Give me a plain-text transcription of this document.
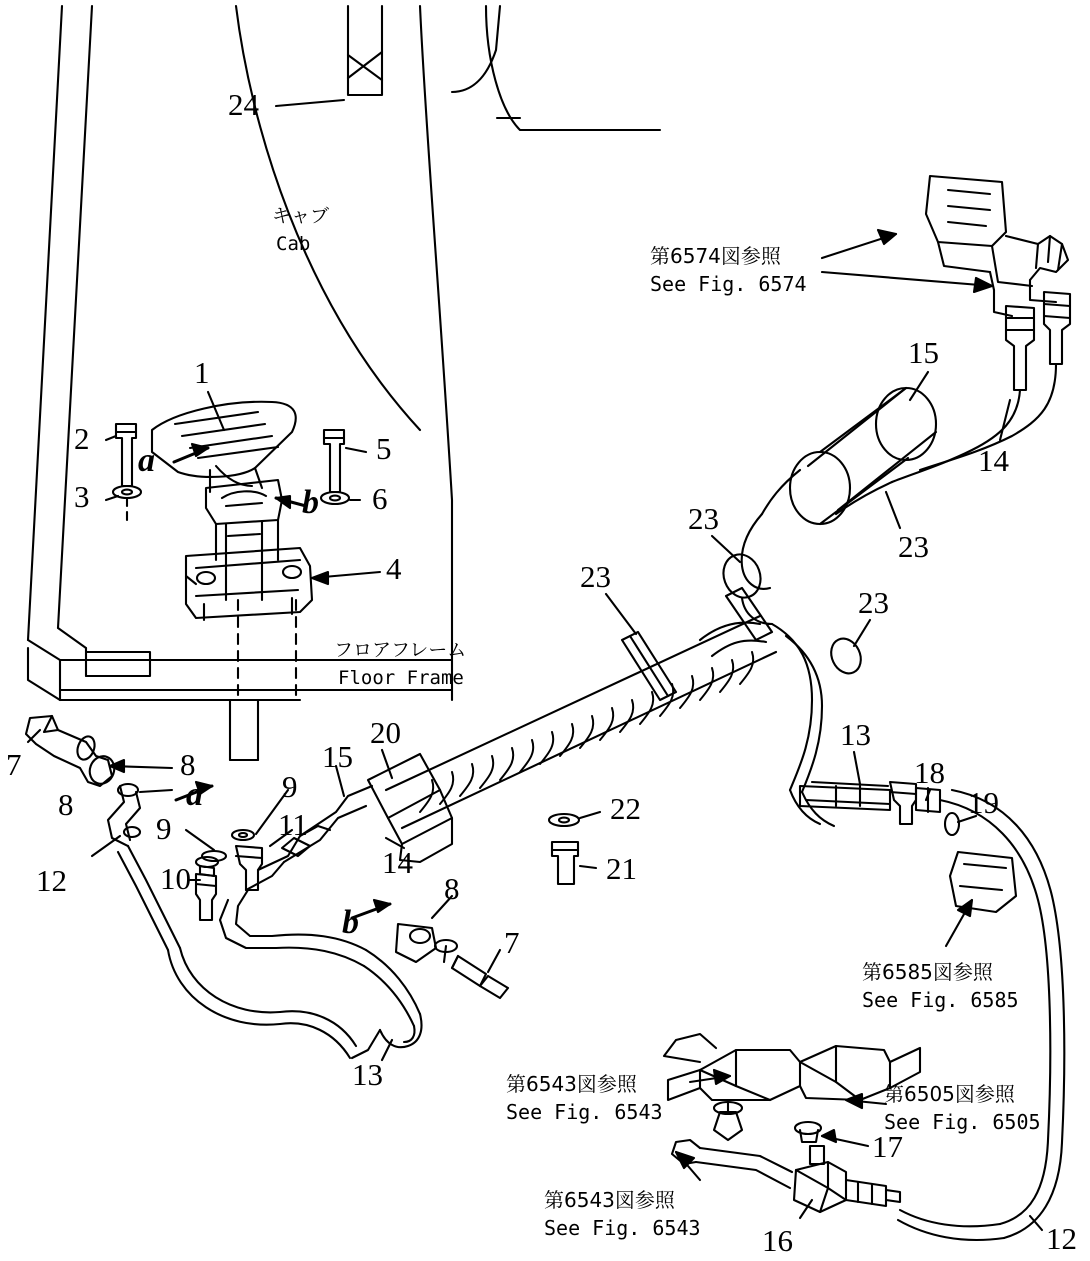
キャブ
Cab
フロアフレーム
Floor Frame
第6574図参照
See Fig. 6574
第6585図参照
See Fig. 6585
第6543図参照
See Fig. 6543
第6505図参照
See Fig. 6505
第6543図参照
See Fig. 6543
24
1
2
3
5
6
4
15
14
23
23
23
23
7	8
8
9
9
10
11
12
15
20
14
22
21
8
7
13
13
18
19
16
17
12
a
b
a
b
